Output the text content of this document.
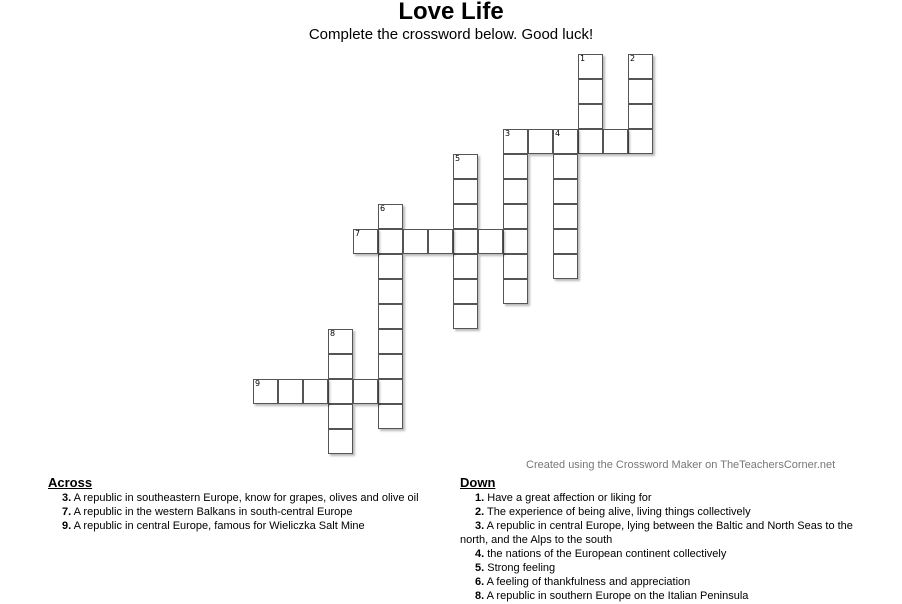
Love Life
Complete the crossword below. Good luck!
1	2
3	4
5
6
7
8
9
Created using the Crossword Maker on TheTeachersCorner.net
Across
3. A republic in southeastern Europe, know for grapes, olives and olive oil
7. A republic in the western Balkans in south-central Europe
9. A republic in central Europe, famous for Wieliczka Salt Mine
Down
1. Have a great affection or liking for
2. The experience of being alive, living things collectively
3. A republic in central Europe, lying between the Baltic and North Seas to the north, and the Alps to the south
4. the nations of the European continent collectively
5. Strong feeling
6. A feeling of thankfulness and appreciation
8. A republic in southern Europe on the Italian Peninsula
